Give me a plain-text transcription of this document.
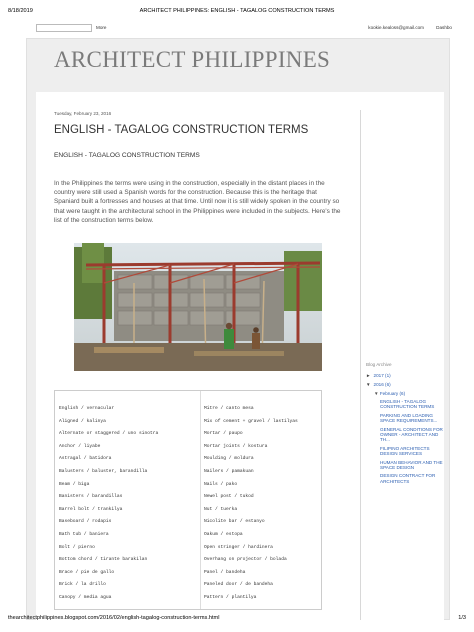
8/18/2019	ARCHITECT PHILIPPINES: ENGLISH - TAGALOG CONSTRUCTION TERMS
More	kookie.kealoss@gmail.com	Dashbo
ARCHITECT PHILIPPINES
Tuesday, February 23, 2016
ENGLISH - TAGALOG CONSTRUCTION TERMS
ENGLISH - TAGALOG CONSTRUCTION TERMS
In the Philippines the terms were using in the construction, especially in the distant places in the country were still used a Spanish words for the construction. Because this is the heritage that Spaniard built a fortresses and houses at that time. Until now it is still widely spoken in the country so that were taught in the architectural school in the Philippines were included in the subjects. Here's the list of the construction terms below.
English / vernacular
Aligned / kalinya
Alternate or staggered / uno sinotra
Anchor / liyabe
Astragal / batidora
Balusters / baluster, barandilla
Beam / biga
Banisters / barandillas
Barrel bolt / trankilya
Baseboard / rodapis
Bath tub / baniera
Bolt / pierno
Bottom chord / tirante barakilan
Brace / pie de gallo
Brick / la drillo
Canopy / media agua
Mitre / canto mesa
Mix of cement + gravel / lastilyas
Mortar / paupo
Mortar joints / kostura
Moulding / moldura
Nailers / pamakuan
Nails / pako
Newel post / tukod
Nut / tuerka
Nicolite bar / estanyo
Oakum / estopa
Open stringer / hardinera
Overhang on projector / bolada
Panel / bandeha
Paneled door / de bandeha
Pattern / plantilya
Blog Archive
► 2017 (1)
▼ 2016 (6)
▼ February (6)
ENGLISH - TAGALOG CONSTRUCTION TERMS
PARKING AND LOADING SPACE REQUIREMENTS...
GENERAL CONDITIONS FOR OWNER - ARCHITECT AND TH...
FILIPINO ARCHITECTS DESIGN SERVICES
HUMAN BEHAVIOR AND THE SPACE DESIGN
DESIGN CONTRACT FOR ARCHITECTS
thearchitectphilippines.blogspot.com/2016/02/english-tagalog-construction-terms.html	1/3
